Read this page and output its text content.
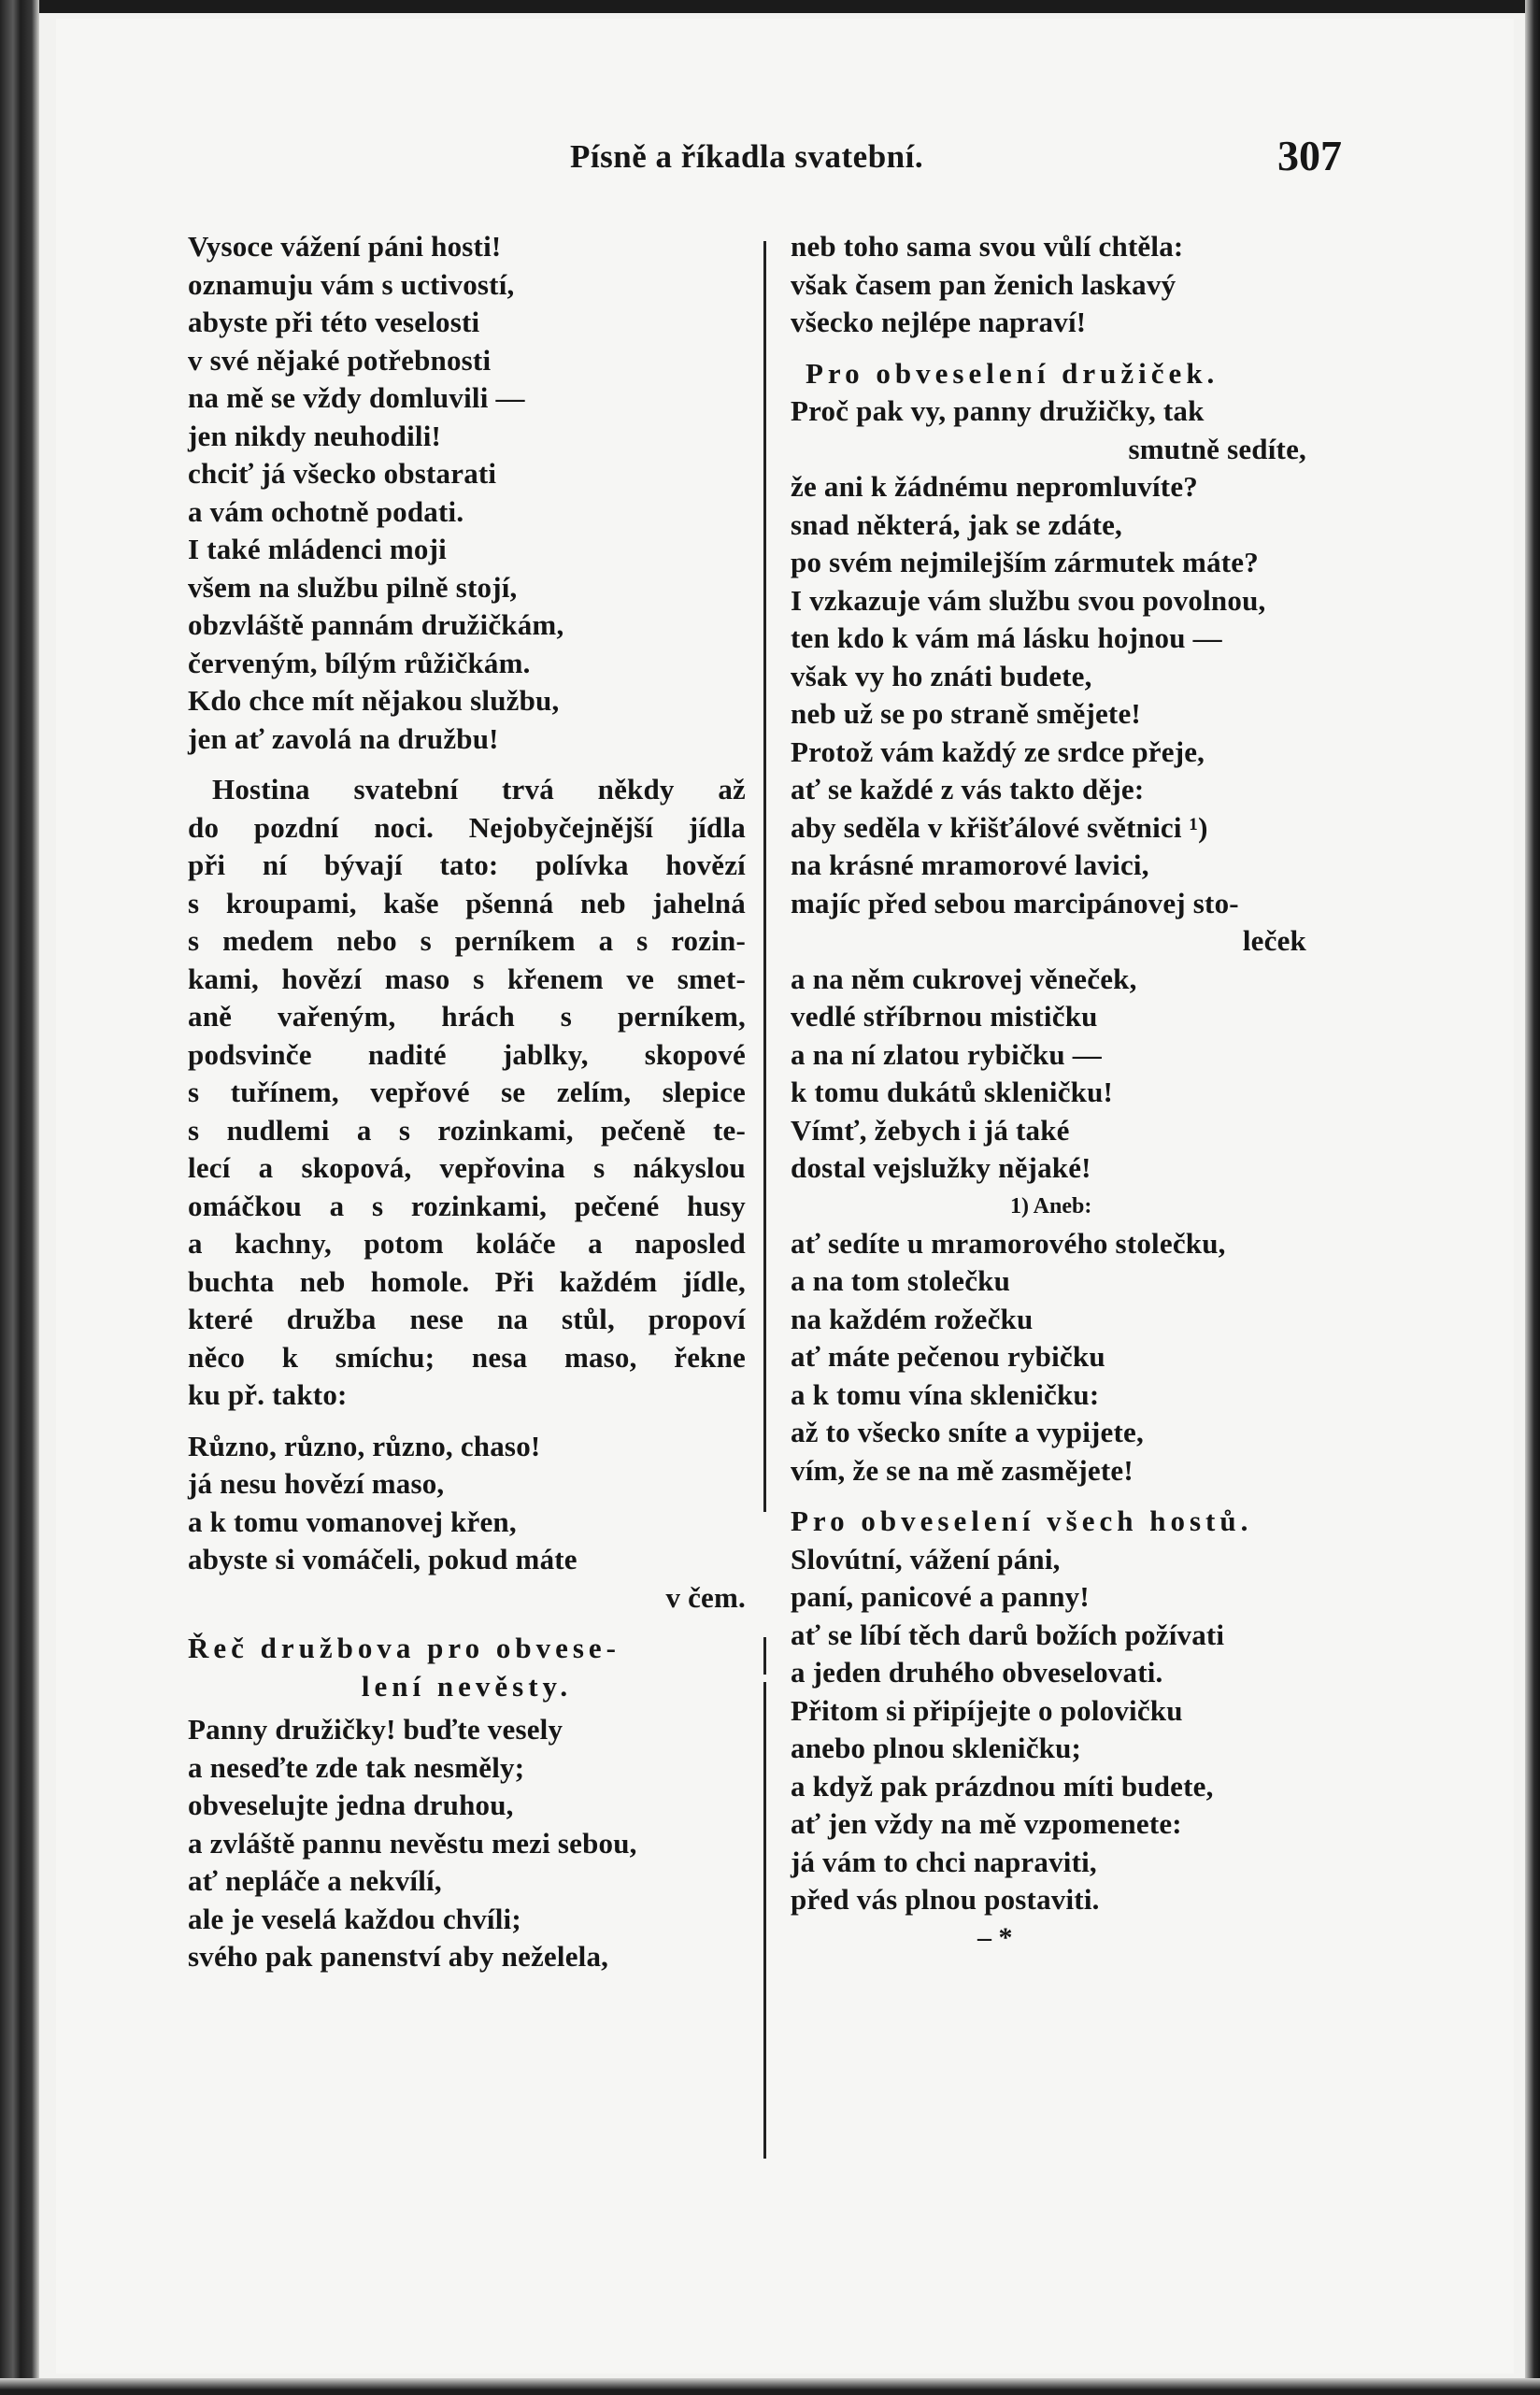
Písně a říkadla svatební.	307
Vysoce vážení páni hosti!
oznamuju vám s uctivostí,
abyste při této veselosti
v své nějaké potřebnosti
na mě se vždy domluvili —
jen nikdy neuhodili!
chciť já všecko obstarati
a vám ochotně podati.
I také mládenci moji
všem na službu pilně stojí,
obzvláště pannám družičkám,
červeným, bílým růžičkám.
Kdo chce mít nějakou službu,
jen ať zavolá na družbu!
Hostina svatební trvá někdy až
do pozdní noci. Nejobyčejnější jídla
při ní bývají tato: polívka hovězí
s kroupami, kaše pšenná neb jahelná
s medem nebo s perníkem a s rozin-
kami, hovězí maso s křenem ve smet-
aně vařeným, hrách s perníkem,
podsvinče nadité jablky, skopové
s tuřínem, vepřové se zelím, slepice
s nudlemi a s rozinkami, pečeně te-
lecí a skopová, vepřovina s nákyslou
omáčkou a s rozinkami, pečené husy
a kachny, potom koláče a naposled
buchta neb homole. Při každém jídle,
které družba nese na stůl, propoví
něco k smíchu; nesa maso, řekne
ku př. takto:
Různo, různo, různo, chaso!
já nesu hovězí maso,
a k tomu vomanovej křen,
abyste si vomáčeli, pokud máte
v čem.
Řeč družbova pro obvese-
lení nevěsty.
Panny družičky! buďte vesely
a neseďte zde tak nesměly;
obveselujte jedna druhou,
a zvláště pannu nevěstu mezi sebou,
ať nepláče a nekvílí,
ale je veselá každou chvíli;
svého pak panenství aby neželela,
neb toho sama svou vůlí chtěla:
však časem pan ženich laskavý
všecko nejlépe napraví!
Pro obveselení družiček.
Proč pak vy, panny družičky, tak
smutně sedíte,
že ani k žádnému nepromluvíte?
snad některá, jak se zdáte,
po svém nejmilejším zármutek máte?
I vzkazuje vám službu svou povolnou,
ten kdo k vám má lásku hojnou —
však vy ho znáti budete,
neb už se po straně smějete!
Protož vám každý ze srdce přeje,
ať se každé z vás takto děje:
aby seděla v křišťálové světnici ¹)
na krásné mramorové lavici,
majíc před sebou marcipánovej sto-
leček
a na něm cukrovej věneček,
vedlé stříbrnou mističku
a na ní zlatou rybičku —
k tomu dukátů skleničku!
Vímť, žebych i já také
dostal vejslužky nějaké!
1) Aneb:
ať sedíte u mramorového stolečku,
a na tom stolečku
na každém rožečku
ať máte pečenou rybičku
a k tomu vína skleničku:
až to všecko sníte a vypijete,
vím, že se na mě zasmějete!
Pro obveselení všech hostů.
Slovútní, vážení páni,
paní, panicové a panny!
ať se líbí těch darů božích požívati
a jeden druhého obveselovati.
Přitom si připíjejte o polovičku
anebo plnou skleničku;
a když pak prázdnou míti budete,
ať jen vždy na mě vzpomenete:
já vám to chci napraviti,
před vás plnou postaviti.
– *
